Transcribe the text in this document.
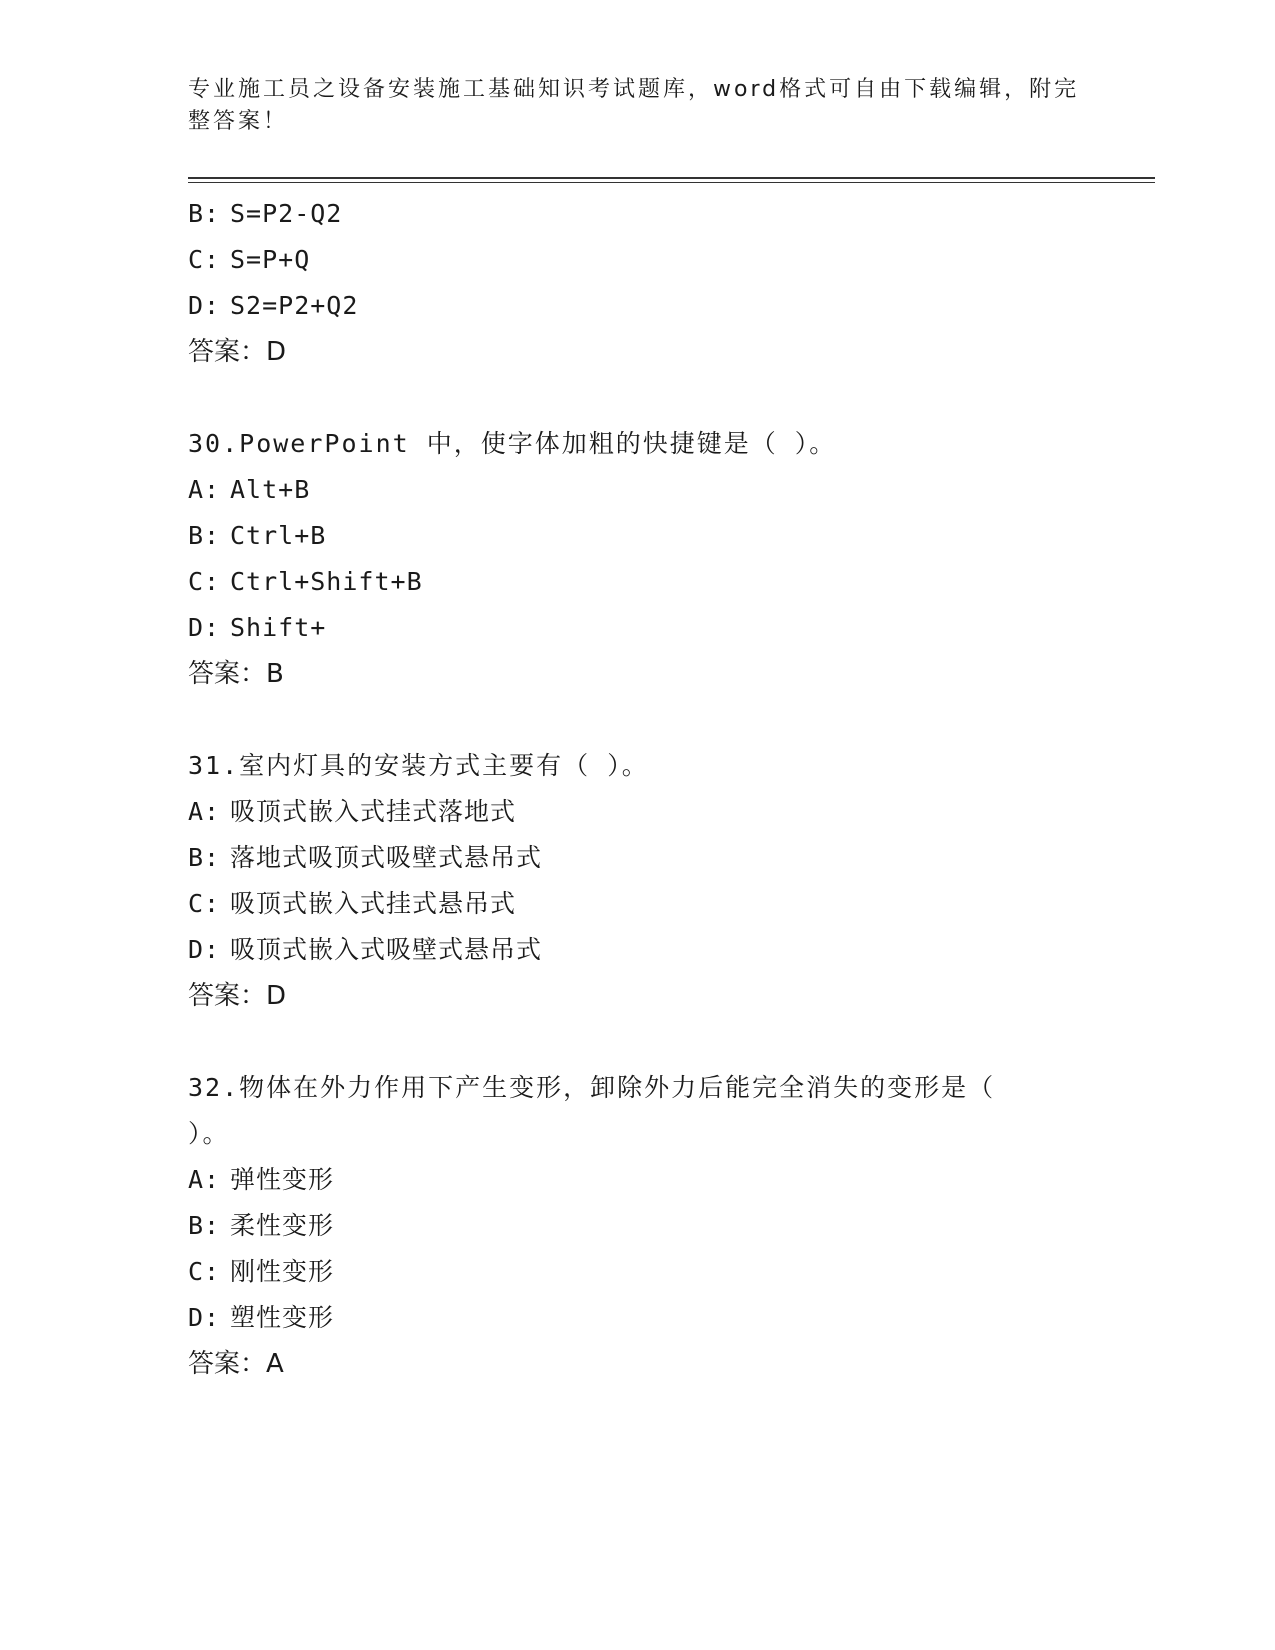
专业施工员之设备安装施工基础知识考试题库，word格式可自由下载编辑，附完
整答案！
B: S=P2-Q2
C: S=P+Q
D: S2=P2+Q2
答案：D
30.PowerPoint 中，使字体加粗的快捷键是（ ）。
A: Alt+B
B: Ctrl+B
C: Ctrl+Shift+B
D: Shift+
答案：B
31.室内灯具的安装方式主要有（ ）。
A: 吸顶式嵌入式挂式落地式
B: 落地式吸顶式吸壁式悬吊式
C: 吸顶式嵌入式挂式悬吊式
D: 吸顶式嵌入式吸壁式悬吊式
答案：D
32.物体在外力作用下产生变形，卸除外力后能完全消失的变形是（
）。
A: 弹性变形
B: 柔性变形
C: 刚性变形
D: 塑性变形
答案：A
